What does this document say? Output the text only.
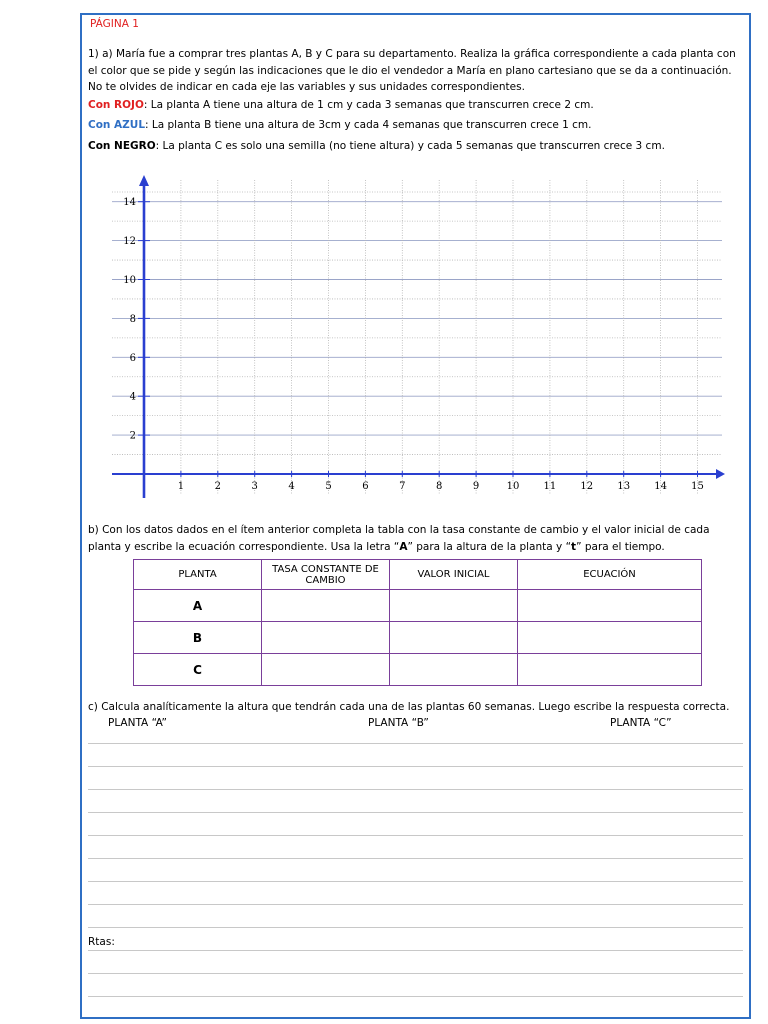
PÁGINA 1
1) a) María fue a comprar tres plantas A, B y C para su departamento. Realiza la gráfica correspondiente a cada planta con el color que se pide y según las indicaciones que le dio el vendedor a María en plano cartesiano que se da a continuación. No te olvides de indicar en cada eje las variables y sus unidades correspondientes.
Con ROJO: La planta A tiene una altura de 1 cm y cada 3 semanas que transcurren crece 2 cm.
Con AZUL: La planta B tiene una altura de 3cm y cada 4 semanas que transcurren crece 1 cm.
Con NEGRO: La planta C es solo una semilla (no tiene altura) y cada 5 semanas que transcurren crece 3 cm.
1	2	3	4	5	6	7	8	9	10 11 12 13 14 15
2
4
6
8
10
12
14
b) Con los datos dados en el ítem anterior completa la tabla con la tasa constante de cambio y el valor inicial de cada
planta y escribe la ecuación correspondiente. Usa la letra “A” para la altura de la planta y “t” para el tiempo.
PLANTA	TASA CONSTANTE DE CAMBIO	VALOR INICIAL	ECUACIÓN
A			
B			
C			
c) Calcula analíticamente la altura que tendrán cada una de las plantas 60 semanas. Luego escribe la respuesta correcta.
PLANTA “A”	PLANTA “B”	PLANTA “C”
Rtas:
